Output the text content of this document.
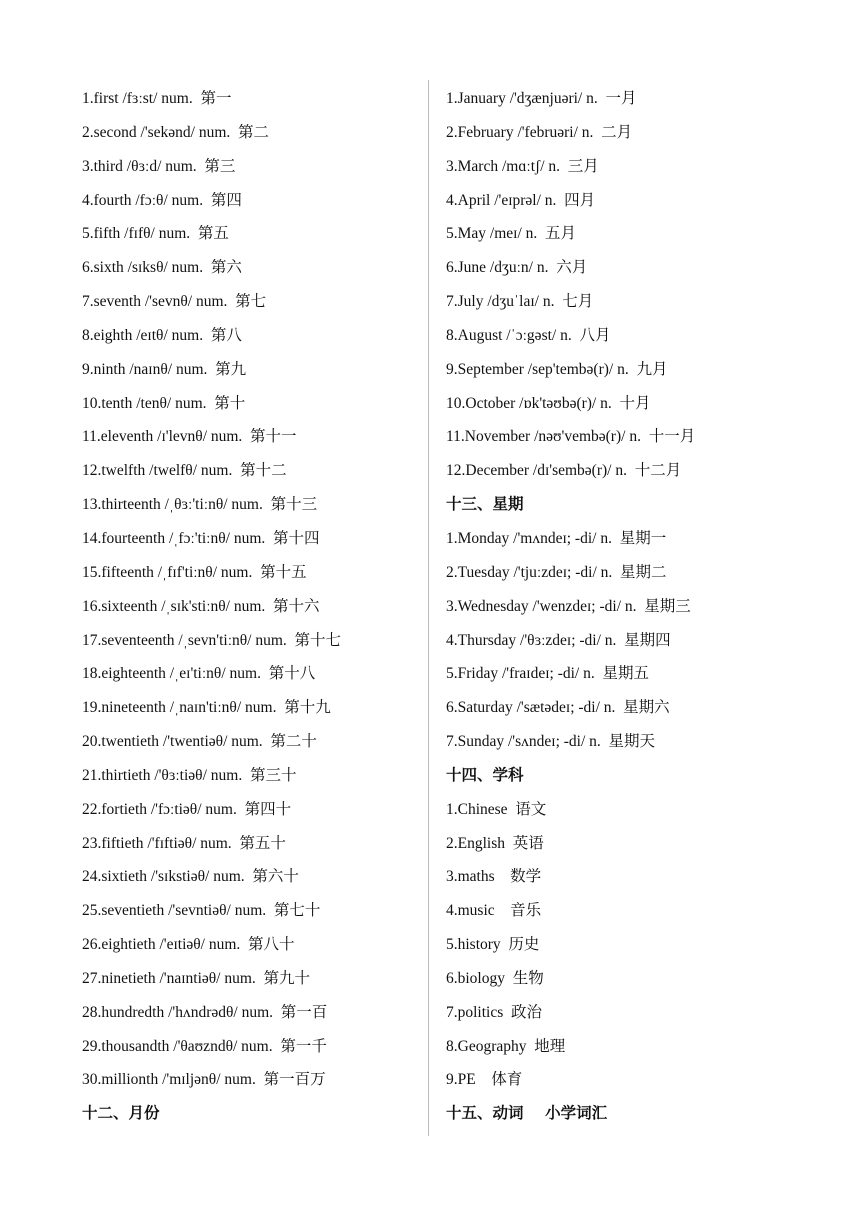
1.first /fɜːst/ num.  第一
2.second /'sekənd/ num.  第二
3.third /θɜːd/ num.  第三
4.fourth /fɔːθ/ num.  第四
5.fifth /fɪfθ/ num.  第五
6.sixth /sɪksθ/ num.  第六
7.seventh /'sevnθ/ num.  第七
8.eighth /eɪtθ/ num.  第八
9.ninth /naɪnθ/ num.  第九
10.tenth /tenθ/ num.  第十
11.eleventh /ɪ'levnθ/ num.  第十一
12.twelfth /twelfθ/ num.  第十二
13.thirteenth /ˌθɜː'tiːnθ/ num.  第十三
14.fourteenth /ˌfɔː'tiːnθ/ num.  第十四
15.fifteenth /ˌfɪf'tiːnθ/ num.  第十五
16.sixteenth /ˌsɪk'stiːnθ/ num.  第十六
17.seventeenth /ˌsevn'tiːnθ/ num.  第十七
18.eighteenth /ˌeɪ'tiːnθ/ num.  第十八
19.nineteenth /ˌnaɪn'tiːnθ/ num.  第十九
20.twentieth /'twentiəθ/ num.  第二十
21.thirtieth /'θɜːtiəθ/ num.  第三十
22.fortieth /'fɔːtiəθ/ num.  第四十
23.fiftieth /'fɪftiəθ/ num.  第五十
24.sixtieth /'sɪkstiəθ/ num.  第六十
25.seventieth /'sevntiəθ/ num.  第七十
26.eightieth /'eɪtiəθ/ num.  第八十
27.ninetieth /'naɪntiəθ/ num.  第九十
28.hundredth /'hʌndrədθ/ num.  第一百
29.thousandth /'θaʊzndθ/ num.  第一千
30.millionth /'mɪljənθ/ num.  第一百万
十二、月份
1.January /'dʒænjuəri/ n.  一月
2.February /'februəri/ n.  二月
3.March /mɑːtʃ/ n.  三月
4.April /'eɪprəl/ n.  四月
5.May /meɪ/ n.  五月
6.June /dʒuːn/ n.  六月
7.July /dʒuˈlaɪ/ n.  七月
8.August /ˈɔːgəst/ n.  八月
9.September /sep'tembə(r)/ n.  九月
10.October /ɒk'təʊbə(r)/ n.  十月
11.November /nəʊ'vembə(r)/ n.  十一月
12.December /dɪ'sembə(r)/ n.  十二月
十三、星期
1.Monday /'mʌndeɪ; -di/ n.  星期一
2.Tuesday /'tjuːzdeɪ; -di/ n.  星期二
3.Wednesday /'wenzdeɪ; -di/ n.  星期三
4.Thursday /'θɜːzdeɪ; -di/ n.  星期四
5.Friday /'fraɪdeɪ; -di/ n.  星期五
6.Saturday /'sætədeɪ; -di/ n.  星期六
7.Sunday /'sʌndeɪ; -di/ n.  星期天
十四、学科
1.Chinese  语文
2.English  英语
3.maths    数学
4.music    音乐
5.history  历史
6.biology  生物
7.politics  政治
8.Geography  地理
9.PE    体育
十五、动词    小学词汇
